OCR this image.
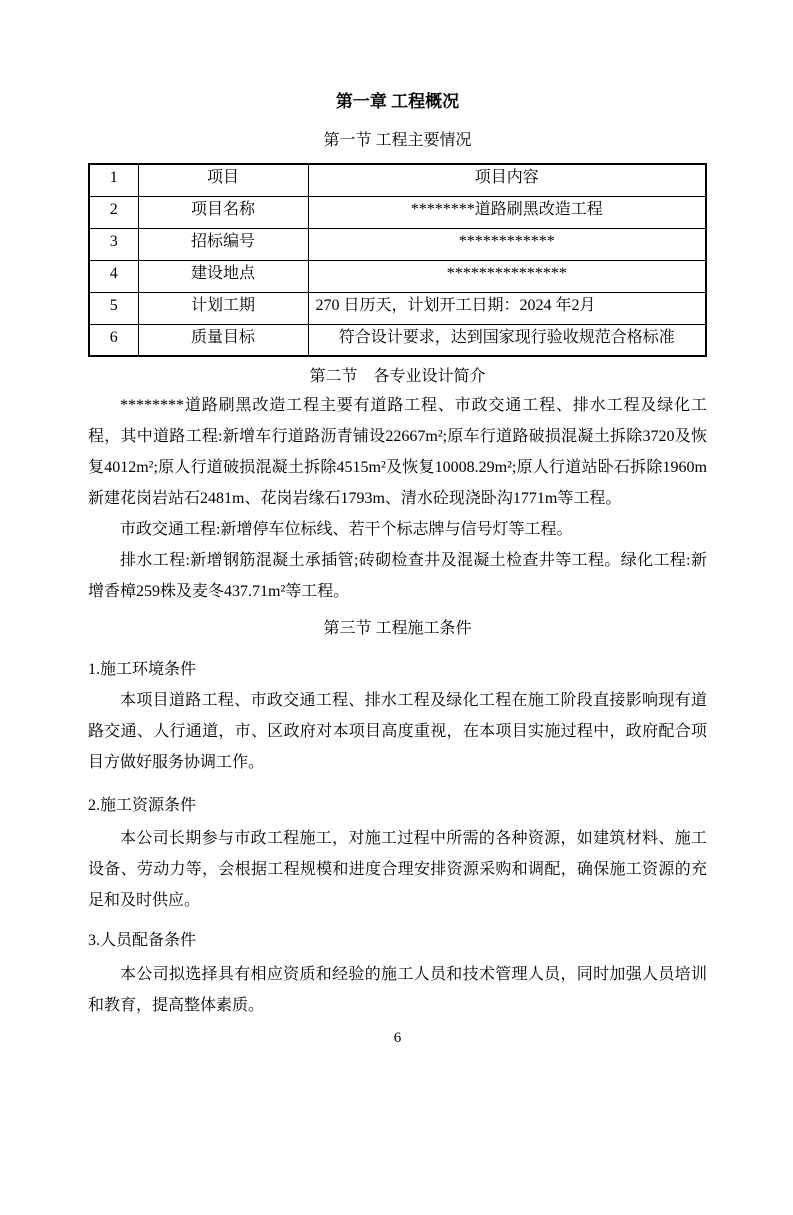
第一章 工程概况
第一节 工程主要情况
1	项目	项目内容
2	项目名称	********道路刷黑改造工程
3	招标编号	************
4	建设地点	***************
5	计划工期	270 日历天，计划开工日期：2024 年2月
6	质量目标	符合设计要求，达到国家现行验收规范合格标准
第二节　各专业设计简介

********道路刷黑改造工程主要有道路工程、市政交通工程、排水工程及绿化工程，其中道路工程:新增车行道路沥青铺设22667m²;原车行道路破损混凝土拆除3720及恢复4012m²;原人行道破损混凝土拆除4515m²及恢复10008.29m²;原人行道站卧石拆除1960m新建花岗岩站石2481m、花岗岩缘石1793m、清水砼现浇卧沟1771m等工程。

市政交通工程:新增停车位标线、若干个标志牌与信号灯等工程。

排水工程:新增钢筋混凝土承插管;砖砌检查井及混凝土检查井等工程。绿化工程:新增香樟259株及麦冬437.71m²等工程。

第三节 工程施工条件
1.施工环境条件

本项目道路工程、市政交通工程、排水工程及绿化工程在施工阶段直接影响现有道路交通、人行通道，市、区政府对本项目高度重视，在本项目实施过程中，政府配合项目方做好服务协调工作。

2.施工资源条件

本公司长期参与市政工程施工，对施工过程中所需的各种资源，如建筑材料、施工设备、劳动力等，会根据工程规模和进度合理安排资源采购和调配，确保施工资源的充足和及时供应。

3.人员配备条件

本公司拟选择具有相应资质和经验的施工人员和技术管理人员，同时加强人员培训和教育，提高整体素质。

6
